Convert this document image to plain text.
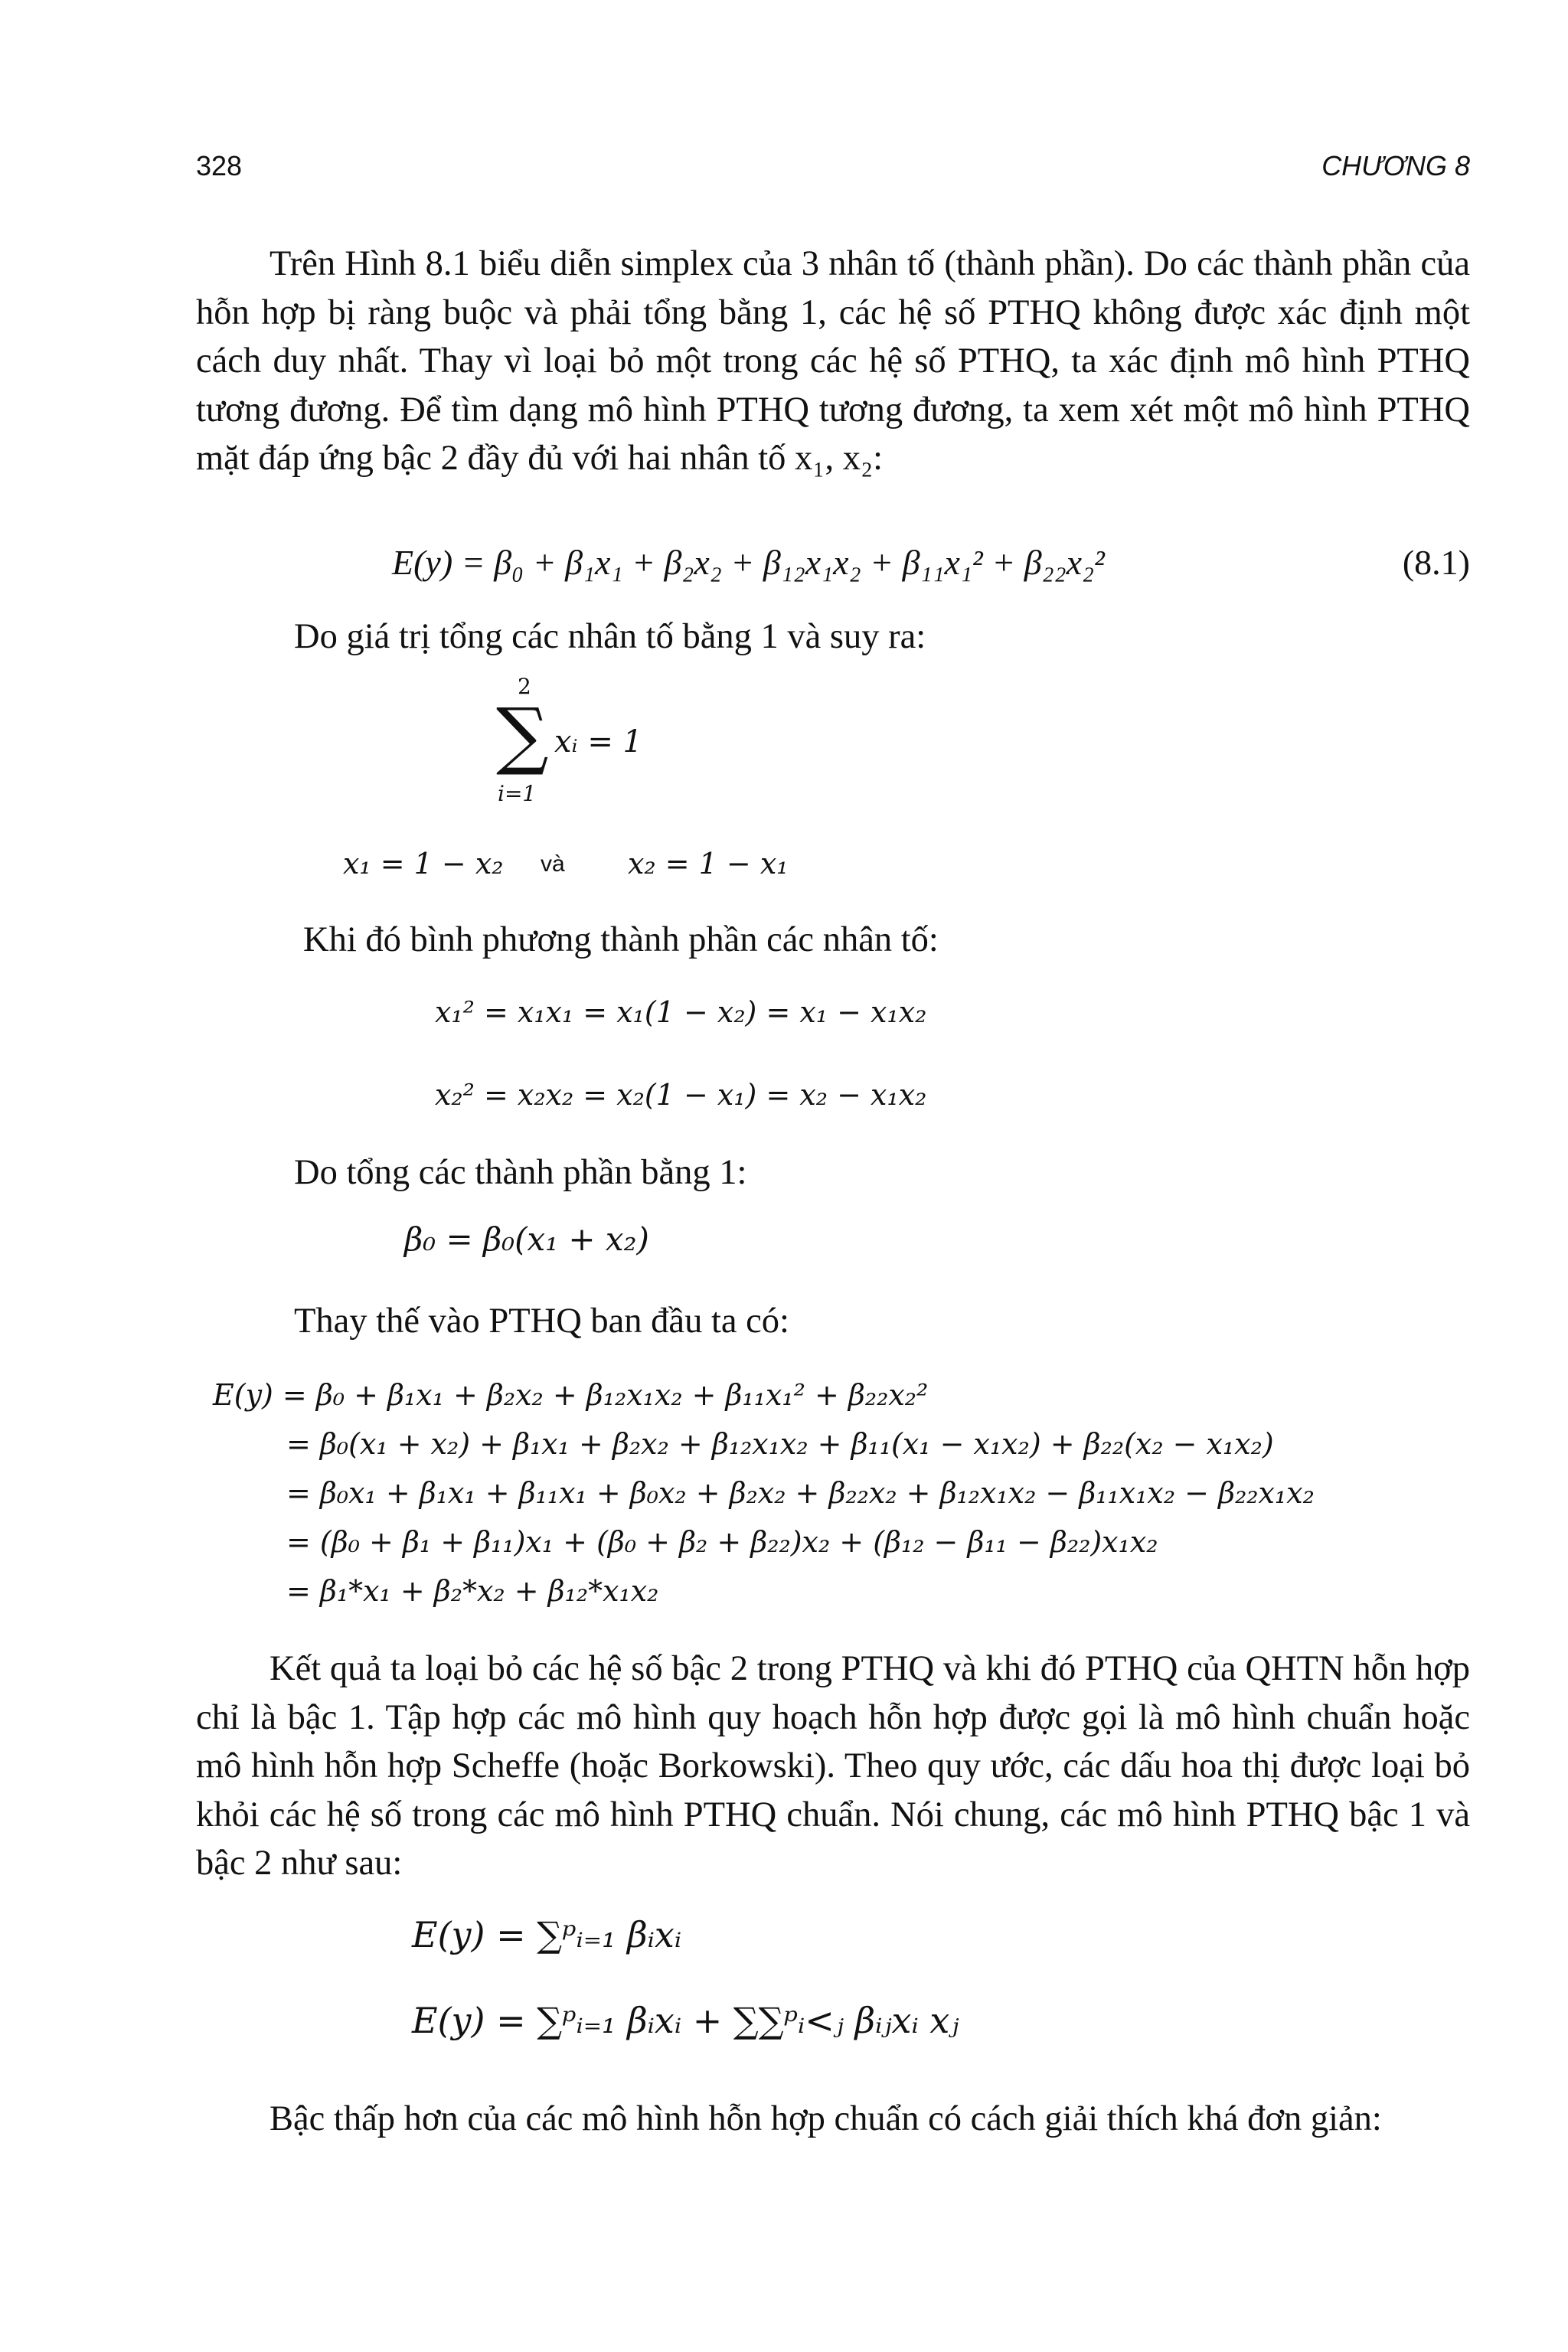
328	CHƯƠNG 8
Trên Hình 8.1 biểu diễn simplex của 3 nhân tố (thành phần). Do các thành phần của hỗn hợp bị ràng buộc và phải tổng bằng 1, các hệ số PTHQ không được xác định một cách duy nhất. Thay vì loại bỏ một trong các hệ số PTHQ, ta xác định mô hình PTHQ tương đương. Để tìm dạng mô hình PTHQ tương đương, ta xem xét một mô hình PTHQ mặt đáp ứng bậc 2 đầy đủ với hai nhân tố x₁, x₂:
E(y) = β₀ + β₁x₁ + β₂x₂ + β₁₂x₁x₂ + β₁₁x₁² + β₂₂x₂²	(8.1)
Do giá trị tổng các nhân tố bằng 1 và suy ra:
2
∑ xᵢ = 1
i=1
x₁ = 1 − x₂ và x₂ = 1 − x₁
Khi đó bình phương thành phần các nhân tố:
x₁² = x₁x₁ = x₁(1 − x₂) = x₁ − x₁x₂
x₂² = x₂x₂ = x₂(1 − x₁) = x₂ − x₁x₂
Do tổng các thành phần bằng 1:
β₀ = β₀(x₁ + x₂)
Thay thế vào PTHQ ban đầu ta có:
E(y) = β₀ + β₁x₁ + β₂x₂ + β₁₂x₁x₂ + β₁₁x₁² + β₂₂x₂²
= β₀(x₁ + x₂) + β₁x₁ + β₂x₂ + β₁₂x₁x₂ + β₁₁(x₁ − x₁x₂) + β₂₂(x₂ − x₁x₂)
= β₀x₁ + β₁x₁ + β₁₁x₁ + β₀x₂ + β₂x₂ + β₂₂x₂ + β₁₂x₁x₂ − β₁₁x₁x₂ − β₂₂x₁x₂
= (β₀ + β₁ + β₁₁)x₁ + (β₀ + β₂ + β₂₂)x₂ + (β₁₂ − β₁₁ − β₂₂)x₁x₂
= β₁*x₁ + β₂*x₂ + β₁₂*x₁x₂
Kết quả ta loại bỏ các hệ số bậc 2 trong PTHQ và khi đó PTHQ của QHTN hỗn hợp chỉ là bậc 1. Tập hợp các mô hình quy hoạch hỗn hợp được gọi là mô hình chuẩn hoặc mô hình hỗn hợp Scheffe (hoặc Borkowski). Theo quy ước, các dấu hoa thị được loại bỏ khỏi các hệ số trong các mô hình PTHQ chuẩn. Nói chung, các mô hình PTHQ bậc 1 và bậc 2 như sau:
E(y) = ∑ᵖᵢ₌₁ βᵢxᵢ
E(y) = ∑ᵖᵢ₌₁ βᵢxᵢ + ∑∑ᵖᵢ<ⱼ βᵢⱼxᵢ xⱼ
Bậc thấp hơn của các mô hình hỗn hợp chuẩn có cách giải thích khá đơn giản:
